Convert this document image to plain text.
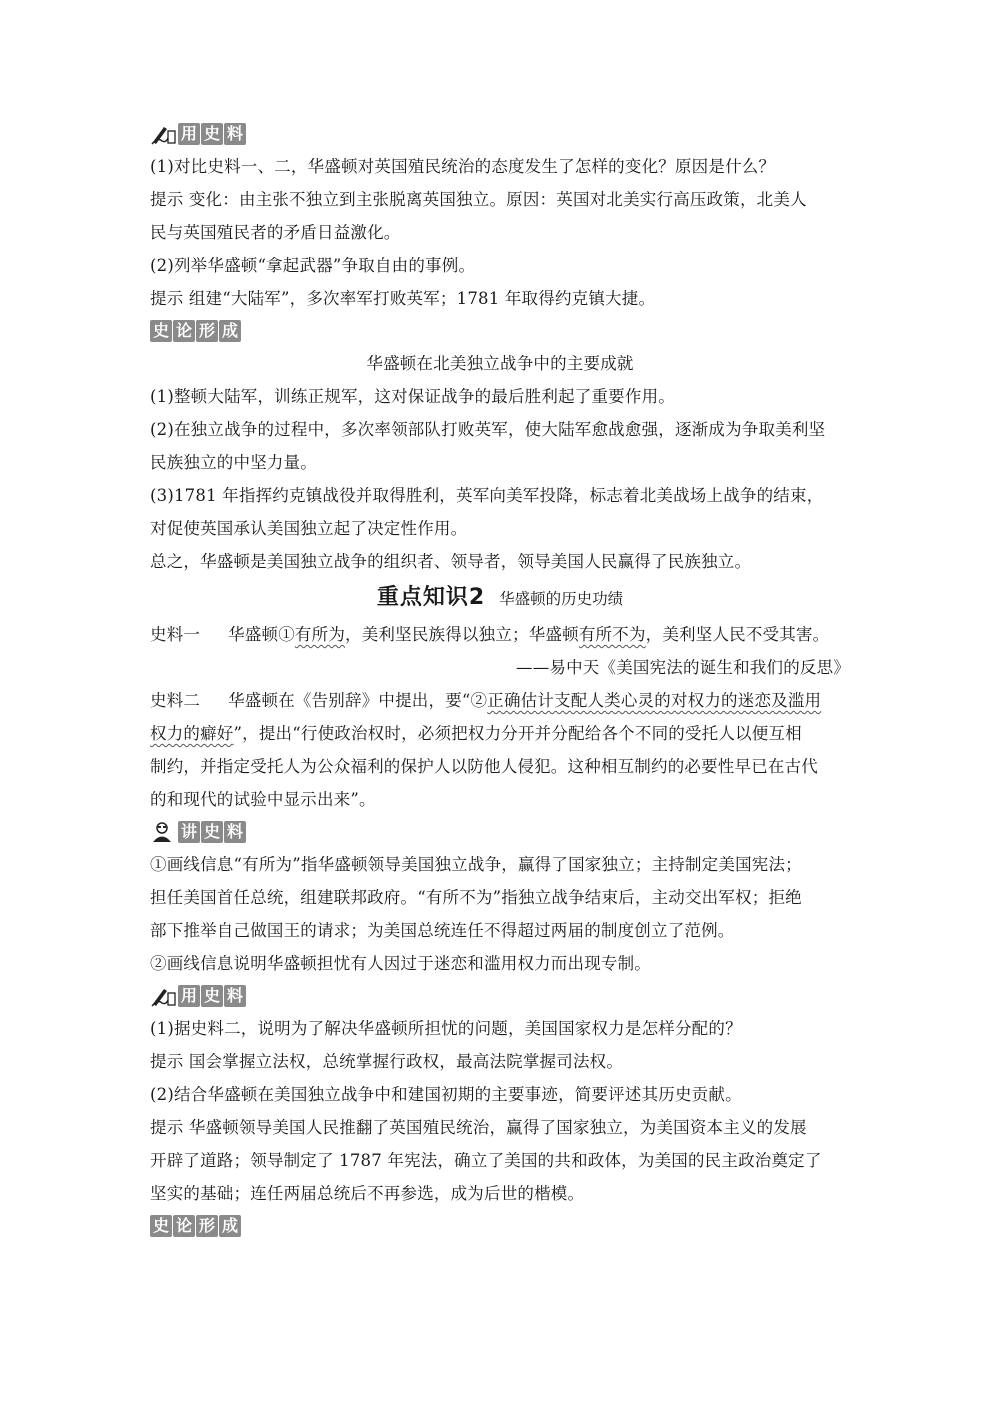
用 史 料
(1)对比史料一、二，华盛顿对英国殖民统治的态度发生了怎样的变化？原因是什么？
提示 变化：由主张不独立到主张脱离英国独立。原因：英国对北美实行高压政策，北美人
民与英国殖民者的矛盾日益激化。
(2)列举华盛顿“拿起武器”争取自由的事例。
提示 组建“大陆军”，多次率军打败英军；1781 年取得约克镇大捷。
史 论 形 成
华盛顿在北美独立战争中的主要成就
(1)整顿大陆军，训练正规军，这对保证战争的最后胜利起了重要作用。
(2)在独立战争的过程中，多次率领部队打败英军，使大陆军愈战愈强，逐渐成为争取美利坚
民族独立的中坚力量。
(3)1781 年指挥约克镇战役并取得胜利，英军向美军投降，标志着北美战场上战争的结束，
对促使英国承认美国独立起了决定性作用。
总之，华盛顿是美国独立战争的组织者、领导者，领导美国人民赢得了民族独立。
重点知识2 华盛顿的历史功绩
史料一 华盛顿①有所为，美利坚民族得以独立；华盛顿有所不为，美利坚人民不受其害。
——易中天《美国宪法的诞生和我们的反思》
史料二 华盛顿在《告别辞》中提出，要“②正确估计支配人类心灵的对权力的迷恋及滥用
权力的癖好”，提出“行使政治权时，必须把权力分开并分配给各个不同的受托人以便互相
制约，并指定受托人为公众福利的保护人以防他人侵犯。这种相互制约的必要性早已在古代
的和现代的试验中显示出来”。
讲 史 料
①画线信息“有所为”指华盛顿领导美国独立战争，赢得了国家独立；主持制定美国宪法；
担任美国首任总统，组建联邦政府。“有所不为”指独立战争结束后，主动交出军权；拒绝
部下推举自己做国王的请求；为美国总统连任不得超过两届的制度创立了范例。
②画线信息说明华盛顿担忧有人因过于迷恋和滥用权力而出现专制。
用 史 料
(1)据史料二，说明为了解决华盛顿所担忧的问题，美国国家权力是怎样分配的？
提示 国会掌握立法权，总统掌握行政权，最高法院掌握司法权。
(2)结合华盛顿在美国独立战争中和建国初期的主要事迹，简要评述其历史贡献。
提示 华盛顿领导美国人民推翻了英国殖民统治，赢得了国家独立，为美国资本主义的发展
开辟了道路；领导制定了 1787 年宪法，确立了美国的共和政体，为美国的民主政治奠定了
坚实的基础；连任两届总统后不再参选，成为后世的楷模。
史 论 形 成
